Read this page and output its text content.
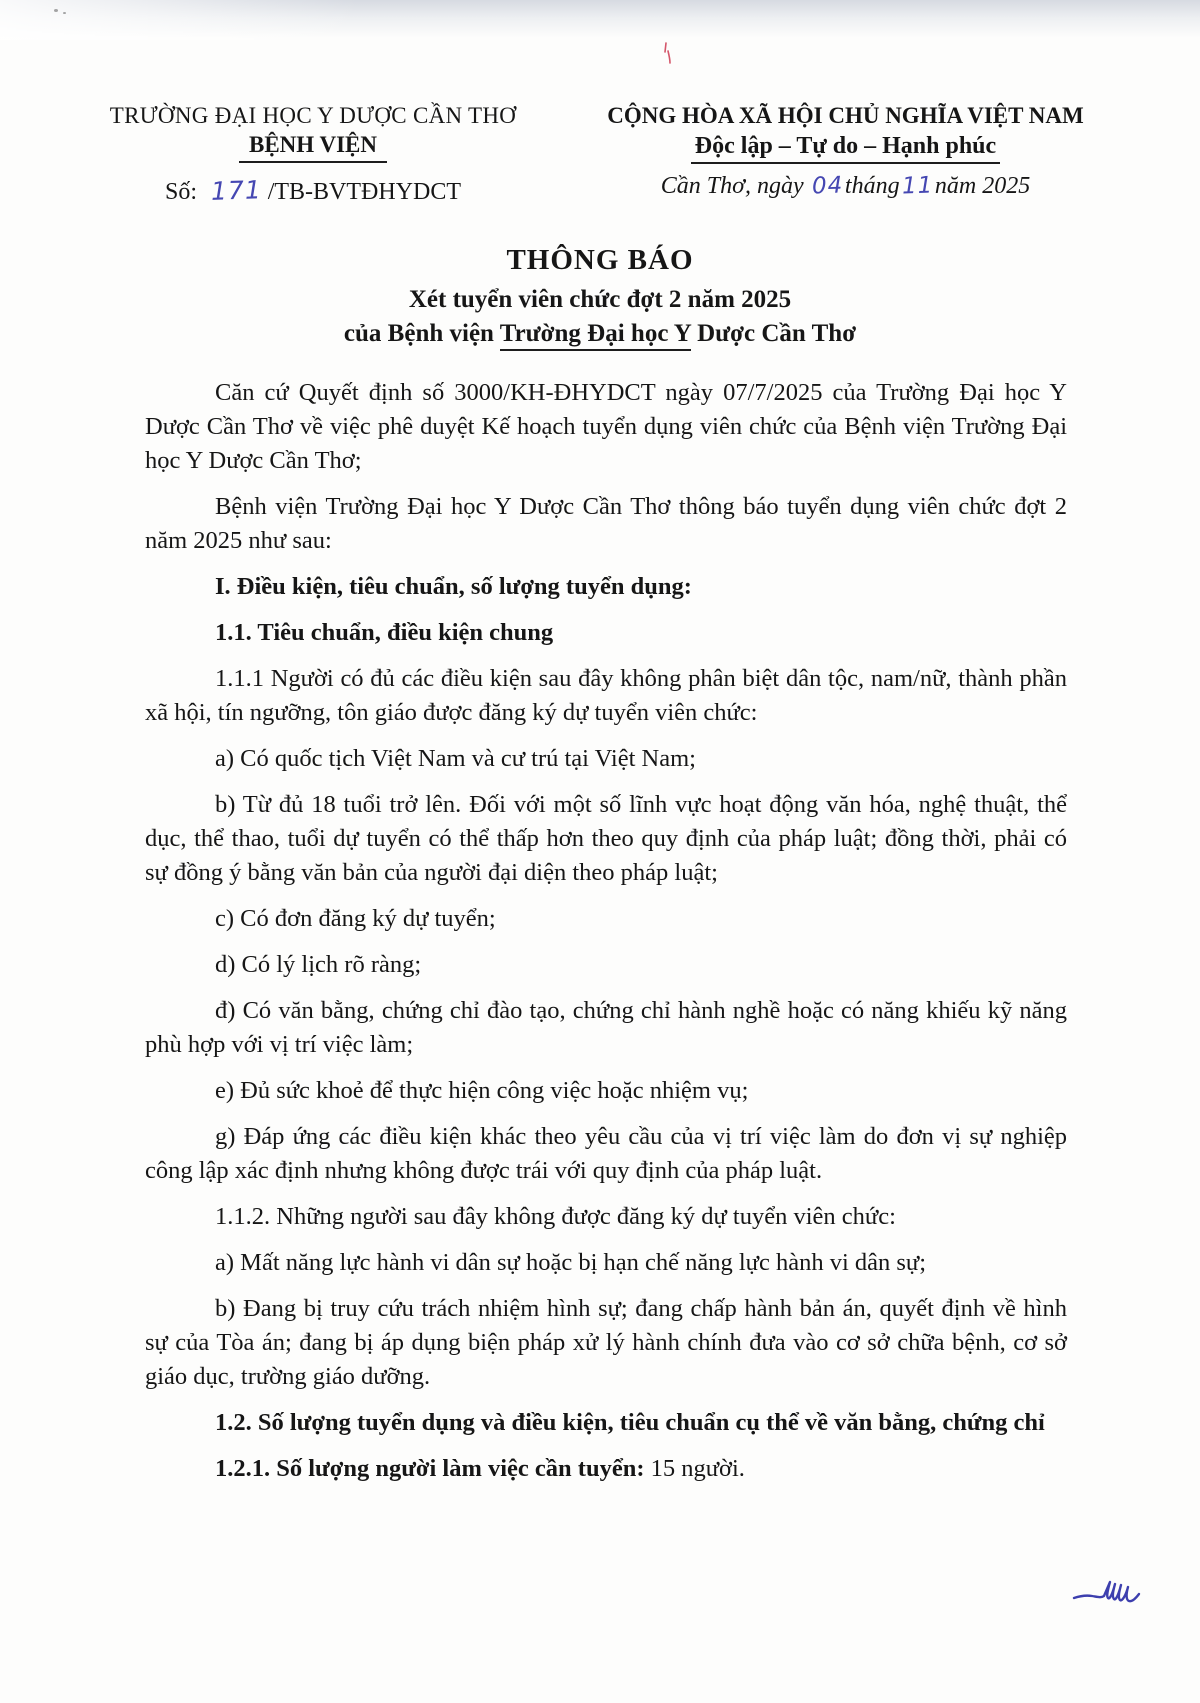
TRƯỜNG ĐẠI HỌC Y DƯỢC CẦN THƠ
BỆNH VIỆN
Số: 171 /TB-BVTĐHYDCT
CỘNG HÒA XÃ HỘI CHỦ NGHĨA VIỆT NAM
Độc lập – Tự do – Hạnh phúc
Cần Thơ, ngày 04tháng11năm 2025
THÔNG BÁO
Xét tuyển viên chức đợt 2 năm 2025
của Bệnh viện Trường Đại học Y Dược Cần Thơ

Căn cứ Quyết định số 3000/KH-ĐHYDCT ngày 07/7/2025 của Trường Đại học Y Dược Cần Thơ về việc phê duyệt Kế hoạch tuyển dụng viên chức của Bệnh viện Trường Đại học Y Dược Cần Thơ;

Bệnh viện Trường Đại học Y Dược Cần Thơ thông báo tuyển dụng viên chức đợt 2 năm 2025 như sau:

I. Điều kiện, tiêu chuẩn, số lượng tuyển dụng:

1.1. Tiêu chuẩn, điều kiện chung

1.1.1 Người có đủ các điều kiện sau đây không phân biệt dân tộc, nam/nữ, thành phần xã hội, tín ngưỡng, tôn giáo được đăng ký dự tuyển viên chức:

a) Có quốc tịch Việt Nam và cư trú tại Việt Nam;

b) Từ đủ 18 tuổi trở lên. Đối với một số lĩnh vực hoạt động văn hóa, nghệ thuật, thể dục, thể thao, tuổi dự tuyển có thể thấp hơn theo quy định của pháp luật; đồng thời, phải có sự đồng ý bằng văn bản của người đại diện theo pháp luật;

c) Có đơn đăng ký dự tuyển;

d) Có lý lịch rõ ràng;

đ) Có văn bằng, chứng chỉ đào tạo, chứng chỉ hành nghề hoặc có năng khiếu kỹ năng phù hợp với vị trí việc làm;

e) Đủ sức khoẻ để thực hiện công việc hoặc nhiệm vụ;

g) Đáp ứng các điều kiện khác theo yêu cầu của vị trí việc làm do đơn vị sự nghiệp công lập xác định nhưng không được trái với quy định của pháp luật.

1.1.2. Những người sau đây không được đăng ký dự tuyển viên chức:

a) Mất năng lực hành vi dân sự hoặc bị hạn chế năng lực hành vi dân sự;

b) Đang bị truy cứu trách nhiệm hình sự; đang chấp hành bản án, quyết định về hình sự của Tòa án; đang bị áp dụng biện pháp xử lý hành chính đưa vào cơ sở chữa bệnh, cơ sở giáo dục, trường giáo dưỡng.

1.2. Số lượng tuyển dụng và điều kiện, tiêu chuẩn cụ thể về văn bằng, chứng chỉ

1.2.1. Số lượng người làm việc cần tuyển: 15 người.
